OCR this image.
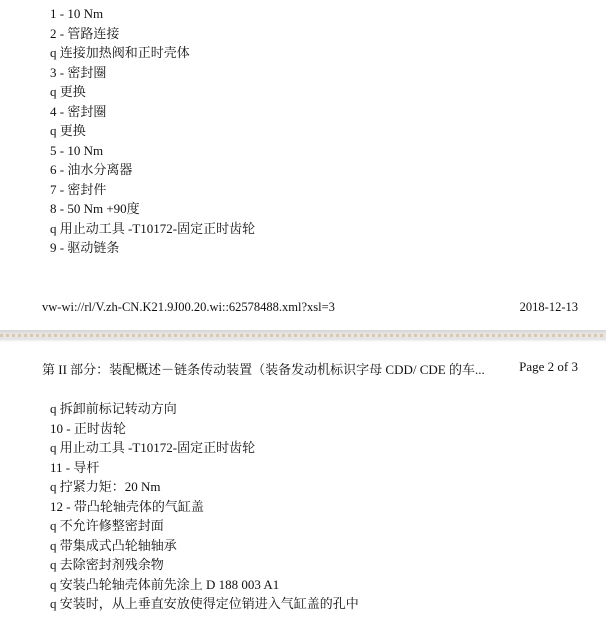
1 - 10 Nm
2 - 管路连接
q 连接加热阀和正时壳体
3 - 密封圈
q 更换
4 - 密封圈
q 更换
5 - 10 Nm
6 - 油水分离器
7 - 密封件
8 - 50 Nm +90度
q 用止动工具 -T10172-固定正时齿轮
9 - 驱动链条
vw-wi://rl/V.zh-CN.K21.9J00.20.wi::62578488.xml?xsl=3	2018-12-13
第 II 部分：装配概述－链条传动装置（装备发动机标识字母 CDD/ CDE 的车...	Page 2 of 3
q 拆卸前标记转动方向
10 - 正时齿轮
q 用止动工具 -T10172-固定正时齿轮
11 - 导杆
q 拧紧力矩：20 Nm
12 - 带凸轮轴壳体的气缸盖
q 不允许修整密封面
q 带集成式凸轮轴轴承
q 去除密封剂残余物
q 安装凸轮轴壳体前先涂上 D 188 003 A1
q 安装时，从上垂直安放使得定位销进入气缸盖的孔中
